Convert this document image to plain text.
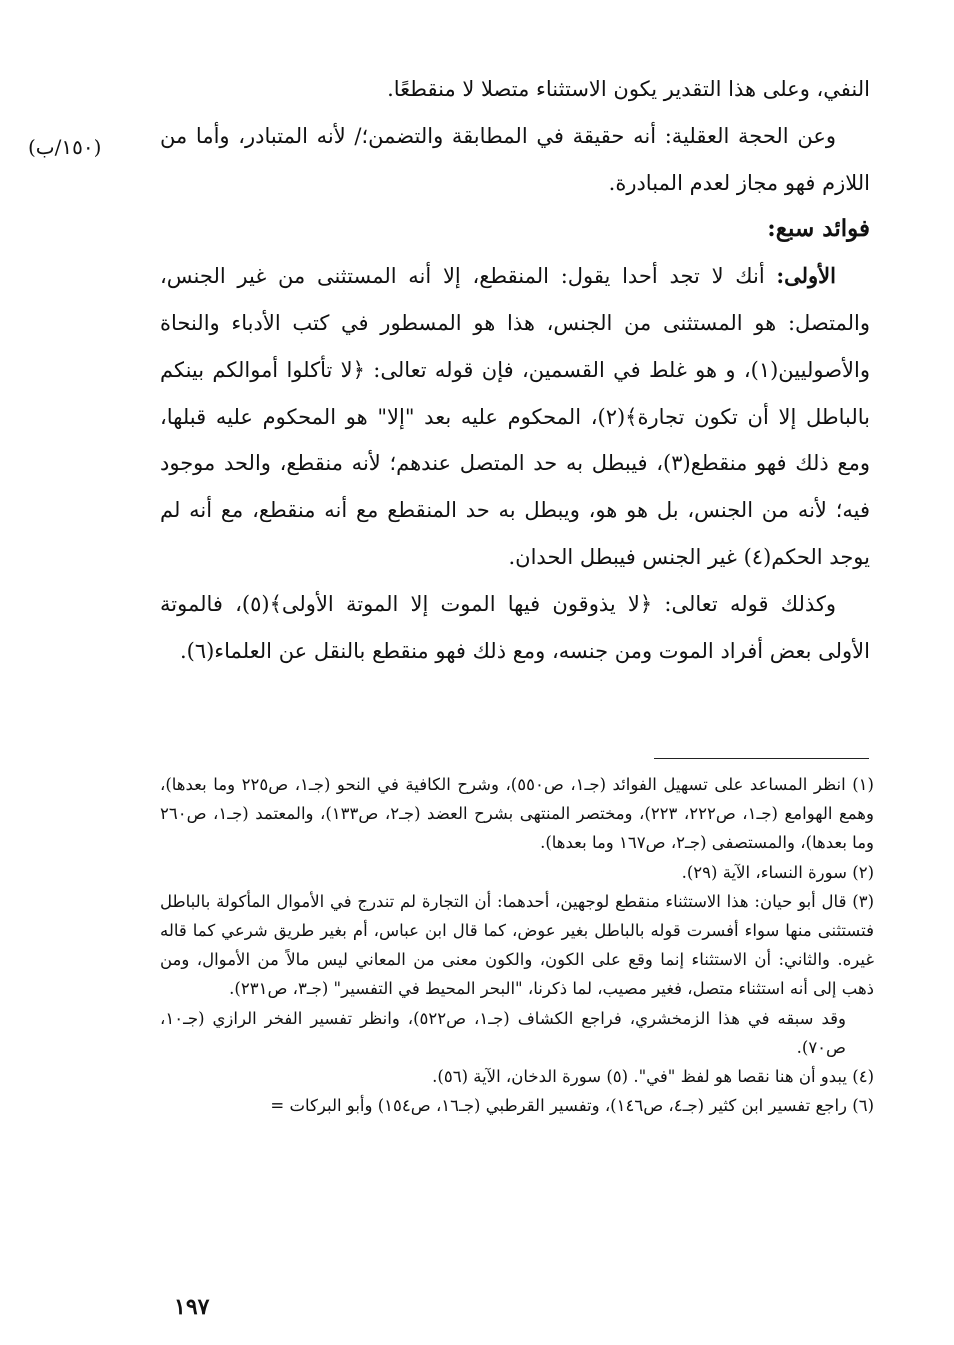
النفي، وعلى هذا التقدير يكون الاستثناء متصلا لا منقطعًا.

وعن الحجة العقلية: أنه حقيقة في المطابقة والتضمن؛/ لأنه المتبادر، وأما من اللازم فهو مجاز لعدم المبادرة.

فوائد سبع:

الأولى: أنك لا تجد أحدا يقول: المنقطع، إلا أنه المستثنى من غير الجنس، والمتصل: هو المستثنى من الجنس، هذا هو المسطور في كتب الأدباء والنحاة والأصوليين(١)، و هو غلط في القسمين، فإن قوله تعالى: ﴿لا تأكلوا أموالكم بينكم بالباطل إلا أن تكون تجارة﴾(٢)، المحكوم عليه بعد "إلا" هو المحكوم عليه قبلها، ومع ذلك فهو منقطع(٣)، فيبطل به حد المتصل عندهم؛ لأنه منقطع، والحد موجود فيه؛ لأنه من الجنس، بل هو هو، ويبطل به حد المنقطع مع أنه منقطع، مع أنه لم يوجد الحكم(٤) غير الجنس فيبطل الحدان.

وكذلك قوله تعالى: ﴿لا يذوقون فيها الموت إلا الموتة الأولى﴾(٥)، فالموتة الأولى بعض أفراد الموت ومن جنسه، ومع ذلك فهو منقطع بالنقل عن العلماء(٦).

(١٥٠/ب)

(١) انظر المساعد على تسهيل الفوائد (جـ١، ص٥٥٠)، وشرح الكافية في النحو (جـ١، ص٢٢٥ وما بعدها)، وهمع الهوامع (جـ١، ص٢٢٢، ٢٢٣)، ومختصر المنتهى بشرح العضد (جـ٢، ص١٣٣)، والمعتمد (جـ١، ص٢٦٠ وما بعدها)، والمستصفى (جـ٢، ص١٦٧ وما بعدها).

(٢) سورة النساء، الآية (٢٩).

(٣) قال أبو حيان: هذا الاستثناء منقطع لوجهين، أحدهما: أن التجارة لم تندرج في الأموال المأكولة بالباطل فتستثنى منها سواء أفسرت قوله بالباطل بغير عوض، كما قال ابن عباس، أم بغير طريق شرعي كما قاله غيره. والثاني: أن الاستثناء إنما وقع على الكون، والكون معنى من المعاني ليس مالاً من الأموال، ومن ذهب إلى أنه استثناء متصل، فغير مصيب، لما ذكرنا، "البحر المحيط في التفسير" (جـ٣، ص٢٣١).

وقد سبقه في هذا الزمخشري، فراجع الكشاف (جـ١، ص٥٢٢)، وانظر تفسير الفخر الرازي (جـ١٠، ص٧٠).

(٤) يبدو أن هنا نقصا هو لفظ "في". (٥) سورة الدخان، الآية (٥٦).

(٦) راجع تفسير ابن كثير (جـ٤، ص١٤٦)، وتفسير القرطبي (جـ١٦، ص١٥٤) وأبو البركات =

١٩٧
